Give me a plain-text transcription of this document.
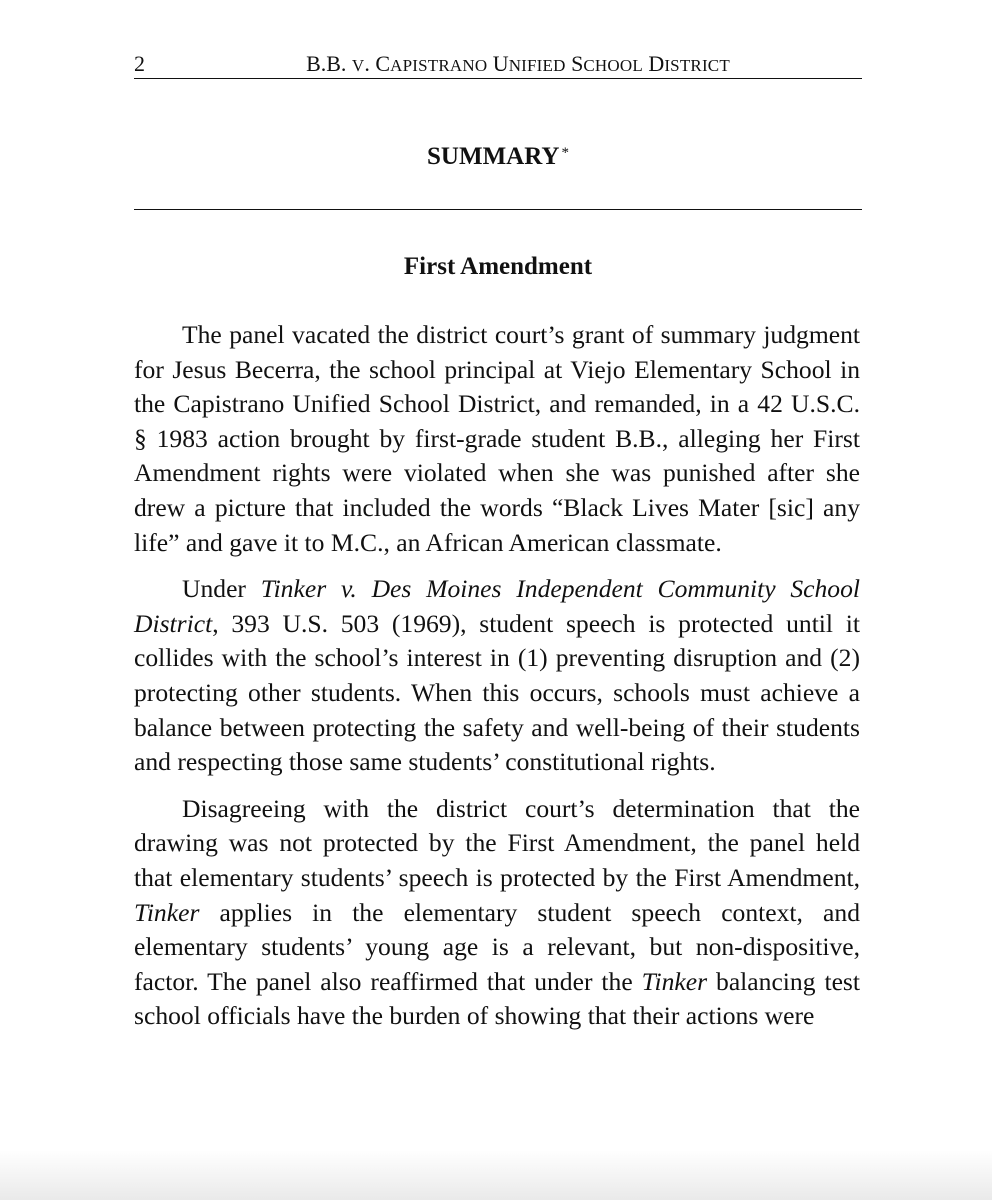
2	B.B. V. CAPISTRANO UNIFIED SCHOOL DISTRICT
SUMMARY *
First Amendment

The panel vacated the district court’s grant of summary judgment for Jesus Becerra, the school principal at Viejo Elementary School in the Capistrano Unified School District, and remanded, in a 42 U.S.C. § 1983 action brought by first-grade student B.B., alleging her First Amendment rights were violated when she was punished after she drew a picture that included the words “Black Lives Mater [sic] any life” and gave it to M.C., an African American classmate.

Under Tinker v. Des Moines Independent Community School District, 393 U.S. 503 (1969), student speech is protected until it collides with the school’s interest in (1) preventing disruption and (2) protecting other students. When this occurs, schools must achieve a balance between protecting the safety and well-being of their students and respecting those same students’ constitutional rights.

Disagreeing with the district court’s determination that the drawing was not protected by the First Amendment, the panel held that elementary students’ speech is protected by the First Amendment, Tinker applies in the elementary student speech context, and elementary students’ young age is a relevant, but non-dispositive, factor. The panel also reaffirmed that under the Tinker balancing test school officials have the burden of showing that their actions were
